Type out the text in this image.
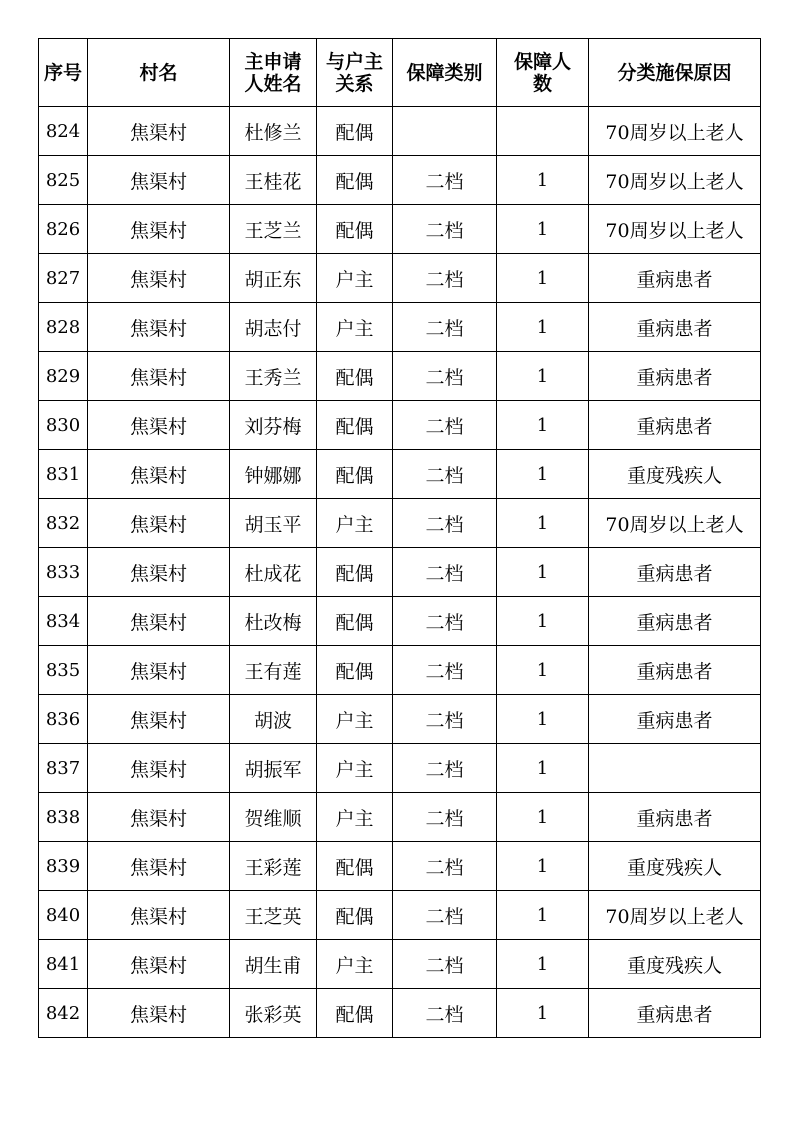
序号	村名	主申请人姓名	与户主关系	保障类别	保障人数	分类施保原因
824	焦渠村	杜修兰	配偶			70周岁以上老人
825	焦渠村	王桂花	配偶	二档	1	70周岁以上老人
826	焦渠村	王芝兰	配偶	二档	1	70周岁以上老人
827	焦渠村	胡正东	户主	二档	1	重病患者
828	焦渠村	胡志付	户主	二档	1	重病患者
829	焦渠村	王秀兰	配偶	二档	1	重病患者
830	焦渠村	刘芬梅	配偶	二档	1	重病患者
831	焦渠村	钟娜娜	配偶	二档	1	重度残疾人
832	焦渠村	胡玉平	户主	二档	1	70周岁以上老人
833	焦渠村	杜成花	配偶	二档	1	重病患者
834	焦渠村	杜改梅	配偶	二档	1	重病患者
835	焦渠村	王有莲	配偶	二档	1	重病患者
836	焦渠村	胡波	户主	二档	1	重病患者
837	焦渠村	胡振军	户主	二档	1	
838	焦渠村	贺维顺	户主	二档	1	重病患者
839	焦渠村	王彩莲	配偶	二档	1	重度残疾人
840	焦渠村	王芝英	配偶	二档	1	70周岁以上老人
841	焦渠村	胡生甫	户主	二档	1	重度残疾人
842	焦渠村	张彩英	配偶	二档	1	重病患者
